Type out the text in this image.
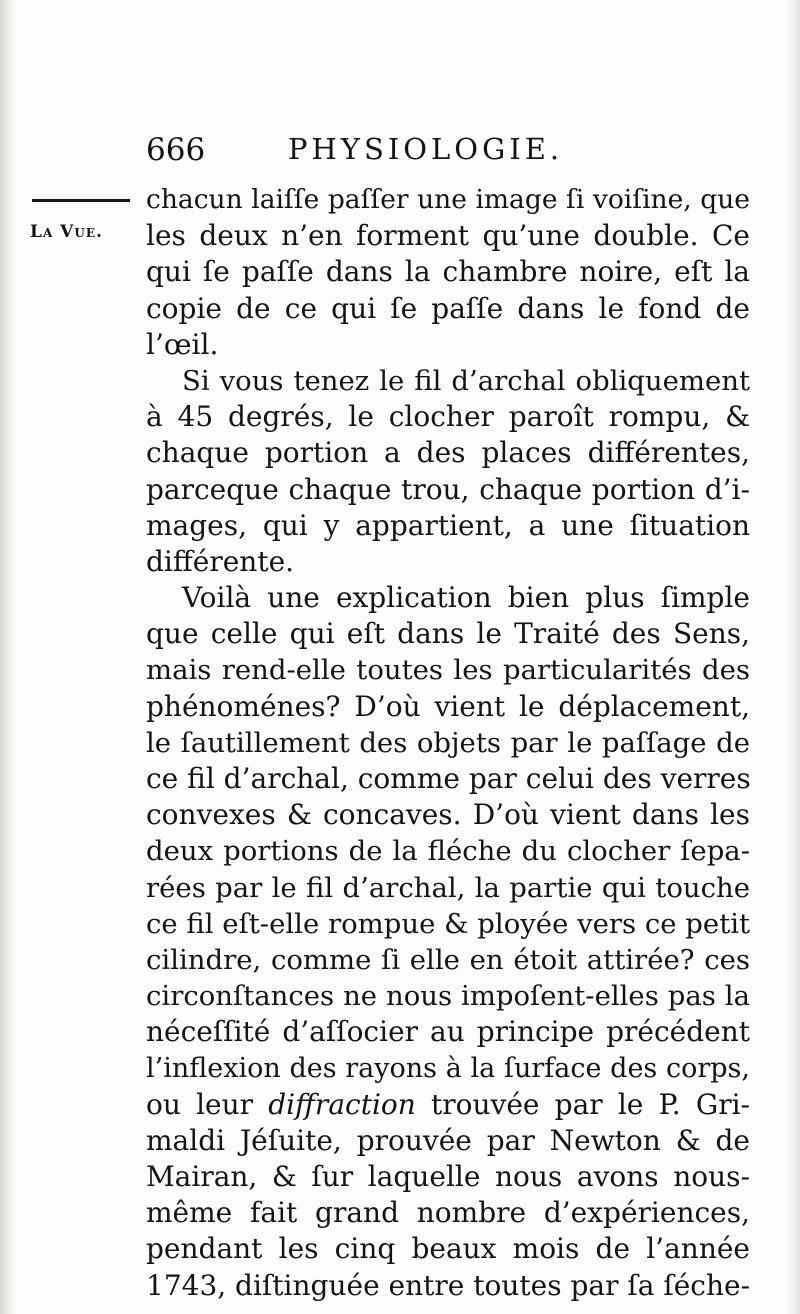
666	PHYSIOLOGIE.
La Vue.
chacun laiſſe paſſer une image ſi voiſine, que
les deux n’en forment qu’une double. Ce
qui ſe paſſe dans la chambre noire, eſt la
copie de ce qui ſe paſſe dans le fond de
l’œil.
Si vous tenez le fil d’archal obliquement
à 45 degrés, le clocher paroît rompu, &
chaque portion a des places différentes,
parceque chaque trou, chaque portion d’i-
mages, qui y appartient, a une ſituation
différente.
Voilà une explication bien plus ſimple
que celle qui eſt dans le Traité des Sens,
mais rend-elle toutes les particularités des
phénoménes? D’où vient le déplacement,
le ſautillement des objets par le paſſage de
ce fil d’archal, comme par celui des verres
convexes & concaves. D’où vient dans les
deux portions de la fléche du clocher ſepa-
rées par le fil d’archal, la partie qui touche
ce fil eſt-elle rompue & ployée vers ce petit
cilindre, comme ſi elle en étoit attirée? ces
circonſtances ne nous impoſent-elles pas la
néceſſité d’aſſocier au principe précédent
l’inflexion des rayons à la ſurface des corps,
ou leur diffraction trouvée par le P. Gri-
maldi Jéſuite, prouvée par Newton & de
Mairan, & ſur laquelle nous avons nous-
même fait grand nombre d’expériences,
pendant les cinq beaux mois de l’année
1743, diſtinguée entre toutes par ſa ſéche-
